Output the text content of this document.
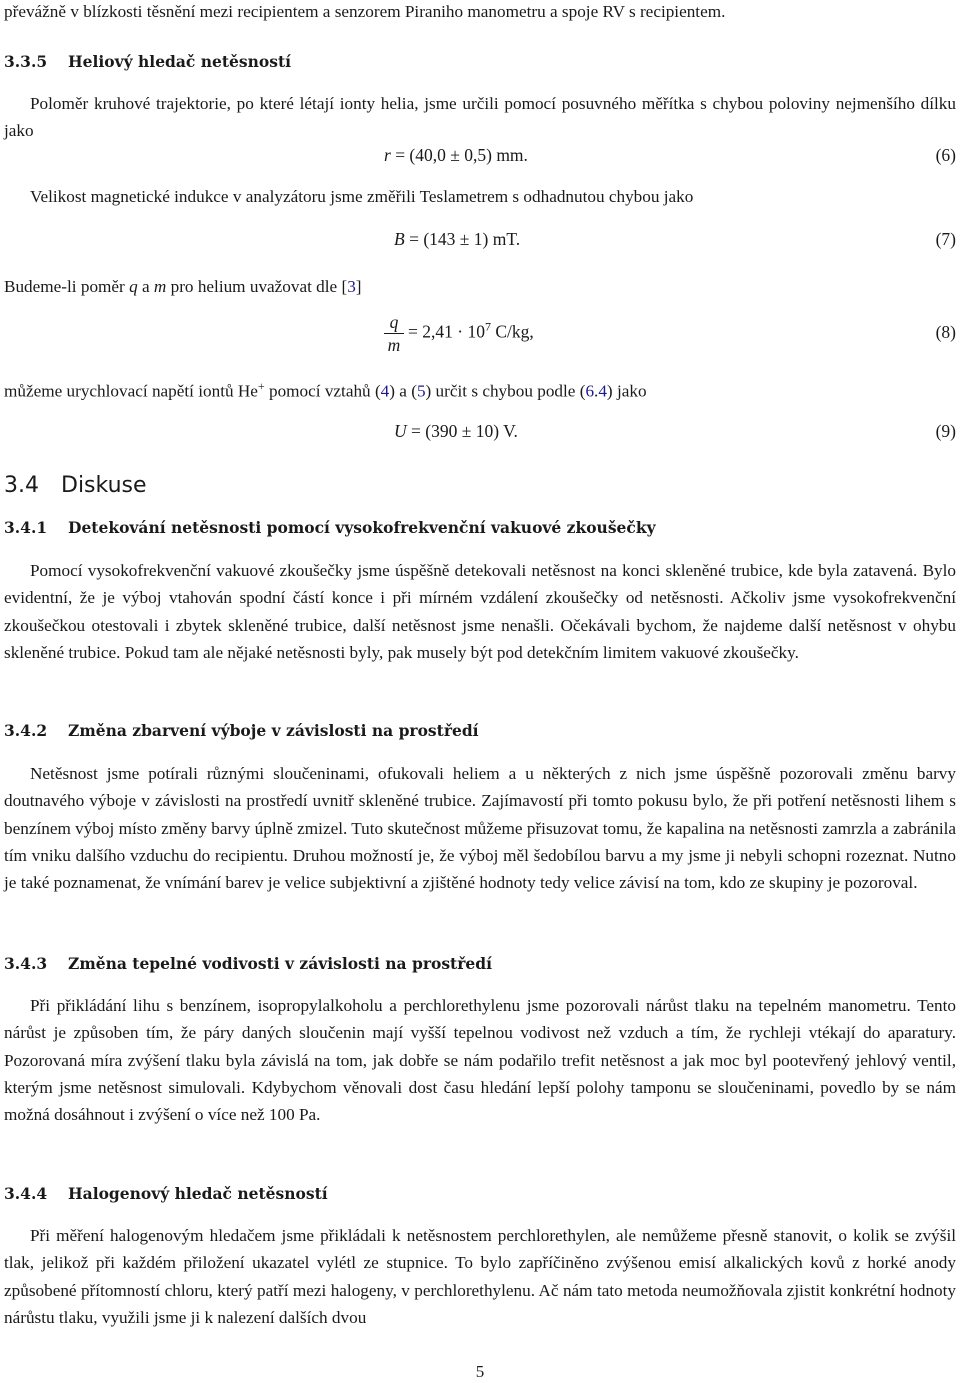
převážně v blízkosti těsnění mezi recipientem a senzorem Piraniho manometru a spoje RV s recipientem.
3.3.5 Heliový hledač netěsností
Poloměr kruhové trajektorie, po které létají ionty helia, jsme určili pomocí posuvného měřítka s chybou poloviny nejmenšího dílku jako
r = (40,0 ± 0,5) mm.	(6)
Velikost magnetické indukce v analyzátoru jsme změřili Teslametrem s odhadnutou chybou jako
B = (143 ± 1) mT.	(7)
Budeme-li poměr q a m pro helium uvažovat dle [3]
$\frac{q}{m} = 2,41 \cdot 10^7$ C/kg,	(8)
můžeme urychlovací napětí iontů He+ pomocí vztahů (4) a (5) určit s chybou podle (6.4) jako
U = (390 ± 10) V.	(9)
3.4 Diskuse
3.4.1 Detekování netěsnosti pomocí vysokofrekvenční vakuové zkoušečky
Pomocí vysokofrekvenční vakuové zkoušečky jsme úspěšně detekovali netěsnost na konci skleněné trubice, kde byla zatavená. Bylo evidentní, že je výboj vtahován spodní částí konce i při mírném vzdálení zkoušečky od netěsnosti. Ačkoliv jsme vysokofrekvenční zkoušečkou otestovali i zbytek skleněné trubice, další netěsnost jsme nenašli. Očekávali bychom, že najdeme další netěsnost v ohybu skleněné trubice. Pokud tam ale nějaké netěsnosti byly, pak musely být pod detekčním limitem vakuové zkoušečky.
3.4.2 Změna zbarvení výboje v závislosti na prostředí
Netěsnost jsme potírali různými sloučeninami, ofukovali heliem a u některých z nich jsme úspěšně pozorovali změnu barvy doutnavého výboje v závislosti na prostředí uvnitř skleněné trubice. Zajímavostí při tomto pokusu bylo, že při potření netěsnosti lihem s benzínem výboj místo změny barvy úplně zmizel. Tuto skutečnost můžeme přisuzovat tomu, že kapalina na netěsnosti zamrzla a zabránila tím vniku dalšího vzduchu do recipientu. Druhou možností je, že výboj měl šedobílou barvu a my jsme ji nebyli schopni rozeznat. Nutno je také poznamenat, že vnímání barev je velice subjektivní a zjištěné hodnoty tedy velice závisí na tom, kdo ze skupiny je pozoroval.
3.4.3 Změna tepelné vodivosti v závislosti na prostředí
Při přikládání lihu s benzínem, isopropylalkoholu a perchlorethylenu jsme pozorovali nárůst tlaku na tepelném manometru. Tento nárůst je způsoben tím, že páry daných sloučenin mají vyšší tepelnou vodivost než vzduch a tím, že rychleji vtékají do aparatury. Pozorovaná míra zvýšení tlaku byla závislá na tom, jak dobře se nám podařilo trefit netěsnost a jak moc byl pootevřený jehlový ventil, kterým jsme netěsnost simulovali. Kdybychom věnovali dost času hledání lepší polohy tamponu se sloučeninami, povedlo by se nám možná dosáhnout i zvýšení o více než 100 Pa.
3.4.4 Halogenový hledač netěsností
Při měření halogenovým hledačem jsme přikládali k netěsnostem perchlorethylen, ale nemůžeme přesně stanovit, o kolik se zvýšil tlak, jelikož při každém přiložení ukazatel vylétl ze stupnice. To bylo zapříčiněno zvýšenou emisí alkalických kovů z horké anody způsobené přítomností chloru, který patří mezi halogeny, v perchlorethylenu. Ač nám tato metoda neumožňovala zjistit konkrétní hodnoty nárůstu tlaku, využili jsme ji k nalezení dalších dvou
5
